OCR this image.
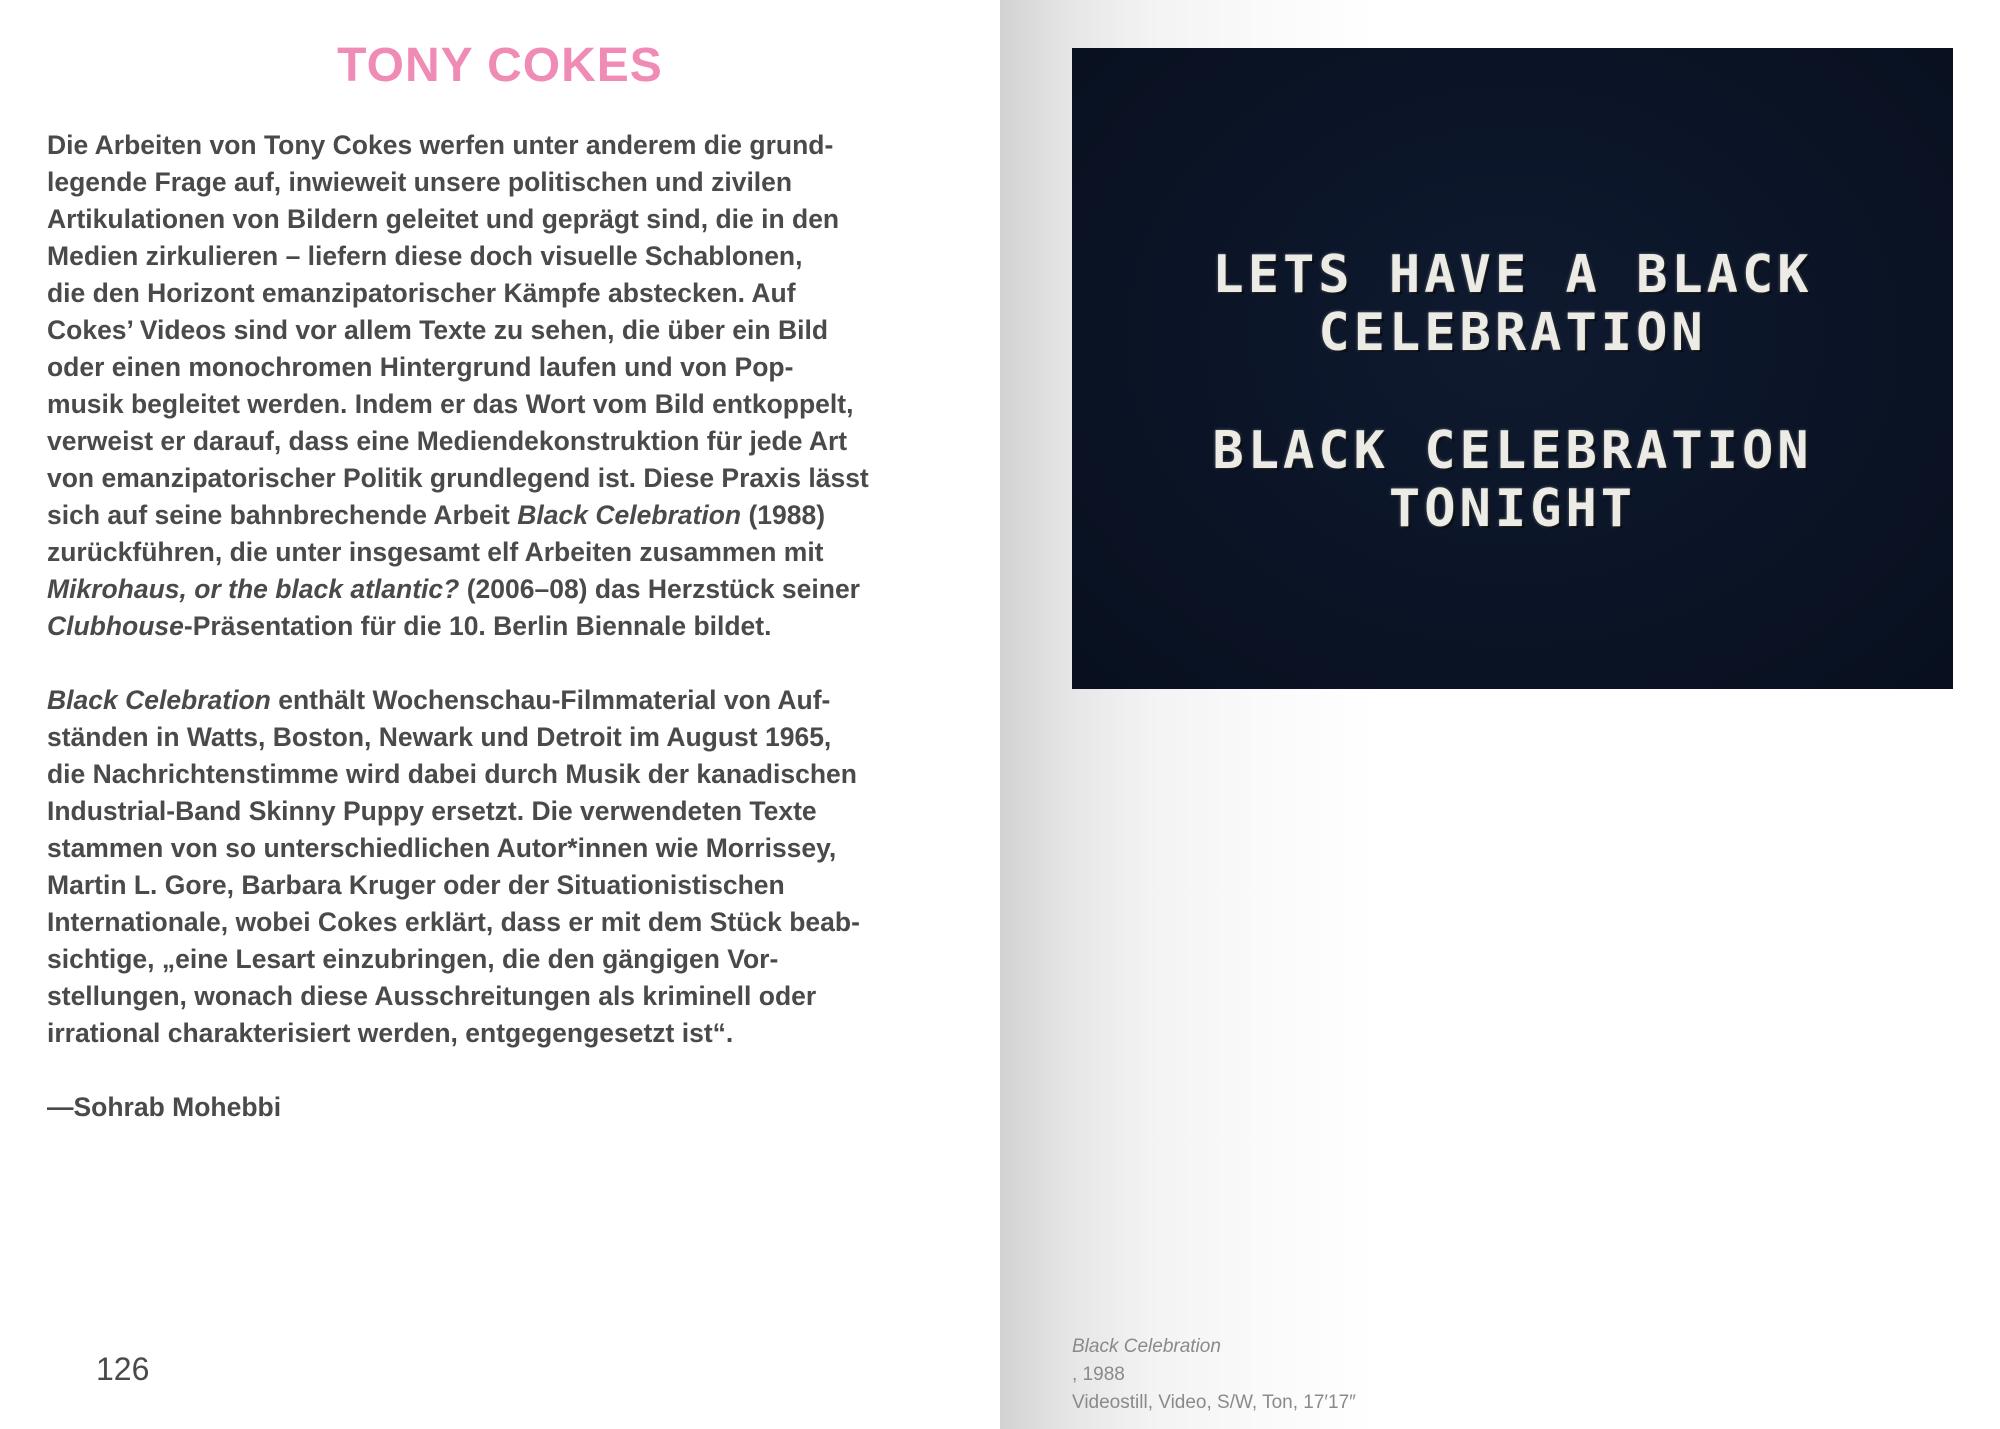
TONY COKES
Die Arbeiten von Tony Cokes werfen unter anderem die grund-
legende Frage auf, inwieweit unsere politischen und zivilen
Artikulationen von Bildern geleitet und geprägt sind, die in den
Medien zirkulieren – liefern diese doch visuelle Schablonen,
die den Horizont emanzipatorischer Kämpfe abstecken. Auf
Cokes’ Videos sind vor allem Texte zu sehen, die über ein Bild
oder einen monochromen Hintergrund laufen und von Pop-
musik begleitet werden. Indem er das Wort vom Bild entkoppelt,
verweist er darauf, dass eine Mediendekonstruktion für jede Art
von emanzipatorischer Politik grundlegend ist. Diese Praxis lässt
sich auf seine bahnbrechende Arbeit Black Celebration (1988)
zurückführen, die unter insgesamt elf Arbeiten zusammen mit
Mikrohaus, or the black atlantic? (2006–08) das Herzstück seiner
Clubhouse-Präsentation für die 10. Berlin Biennale bildet.
Black Celebration enthält Wochenschau-Filmmaterial von Auf-
ständen in Watts, Boston, Newark und Detroit im August 1965,
die Nachrichtenstimme wird dabei durch Musik der kanadischen
Industrial-Band Skinny Puppy ersetzt. Die verwendeten Texte
stammen von so unterschiedlichen Autor*innen wie Morrissey,
Martin L. Gore, Barbara Kruger oder der Situationistischen
Internationale, wobei Cokes erklärt, dass er mit dem Stück beab-
sichtige, „eine Lesart einzubringen, die den gängigen Vor-
stellungen, wonach diese Ausschreitungen als kriminell oder
irrational charakterisiert werden, entgegengesetzt ist“.
—Sohrab Mohebbi
126
LETS HAVE A BLACK
CELEBRATION
BLACK CELEBRATION
TONIGHT
Black Celebration
, 1988
Videostill, Video, S/W, Ton, 17′17″
